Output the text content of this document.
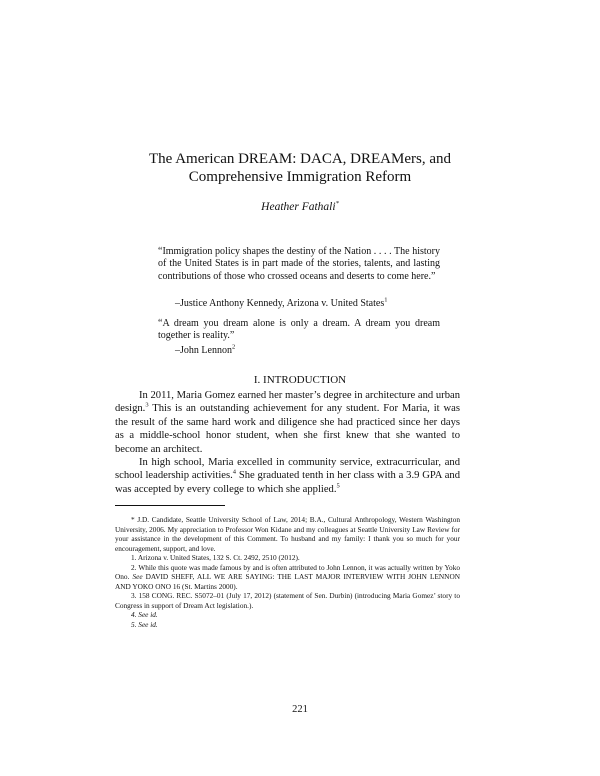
The American DREAM: DACA, DREAMers, and
Comprehensive Immigration Reform
Heather Fathali*
“Immigration policy shapes the destiny of the Nation . . . . The history of the United States is in part made of the stories, talents, and lasting contributions of those who crossed oceans and deserts to come here.”
–Justice Anthony Kennedy, Arizona v. United States$^1$
“A dream you dream alone is only a dream. A dream you dream together is reality.”
–John Lennon$^2$
I. INTRODUCTION

In 2011, Maria Gomez earned her master’s degree in architecture and urban design.$^3$ This is an outstanding achievement for any student. For Maria, it was the result of the same hard work and diligence she had practiced since her days as a middle-school honor student, when she first knew that she wanted to become an architect.

In high school, Maria excelled in community service, extracurricular, and school leadership activities.$^4$ She graduated tenth in her class with a 3.9 GPA and was accepted by every college to which she applied.$^5$

* J.D. Candidate, Seattle University School of Law, 2014; B.A., Cultural Anthropology, Western Washington University, 2006. My appreciation to Professor Won Kidane and my colleagues at Seattle University Law Review for your assistance in the development of this Comment. To husband and my family: I thank you so much for your encouragement, support, and love.

1. Arizona v. United States, 132 S. Ct. 2492, 2510 (2012).

2. While this quote was made famous by and is often attributed to John Lennon, it was actually written by Yoko Ono. See DAVID SHEFF, ALL WE ARE SAYING: THE LAST MAJOR INTERVIEW WITH JOHN LENNON AND YOKO ONO 16 (St. Martins 2000).

3. 158 CONG. REC. S5072–01 (July 17, 2012) (statement of Sen. Durbin) (introducing Maria Gomez’ story to Congress in support of Dream Act legislation.).

4. See id.

5. See id.

221
